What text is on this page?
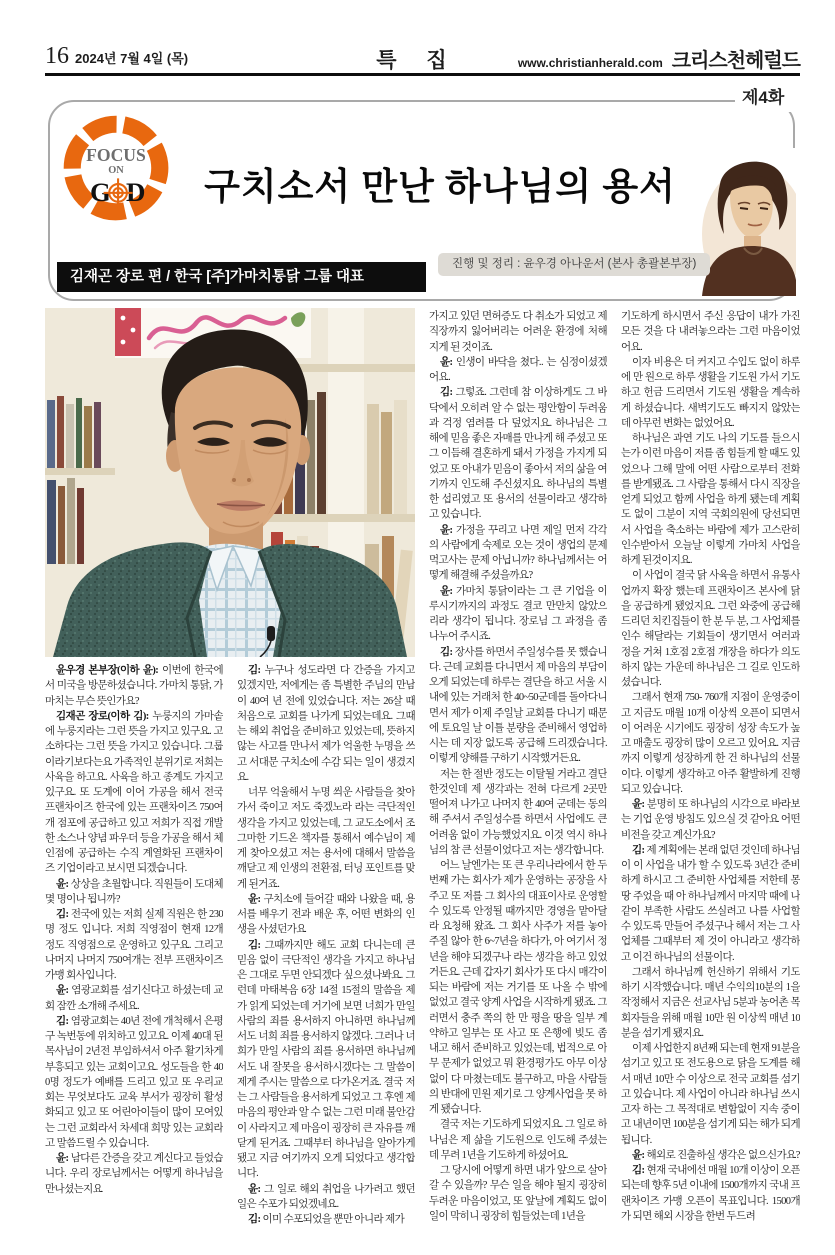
16 2024년 7월 4일 (목)	특 집	www.christianherald.com 크리스천헤럴드
제4화
FOCUS
ON
G D 구치소서 만난 하나님의 용서
진행 및 정리 : 윤우경 아나운서 (본사 총괄본부장)
김재곤 장로 편 / 한국 [주]가마치통닭 그룹 대표

윤우경 본부장(이하 윤): 이번에 한국에서 미국을 방문하셨습니다. 가마치 통닭, 가마치는 무슨 뜻인가요?

김재곤 장로(이하 김): 누룽지의 가마솥에 누룽지라는 그런 뜻을 가지고 있구요. 고소하다는 그런 뜻을 가지고 있습니다. 그룹이라기보다는요 가족적인 분위기로 저희는 사육을 하고요. 사육을 하고 종계도 가지고 있구요. 또 도계에 이어 가공을 해서 전국 프랜차이즈 한국에 있는 프랜차이즈 750여 개 점포에 공급하고 있고 저희가 직접 개발한 소스나 양념 파우더 등을 가공을 해서 체인점에 공급하는 수직 계열화된 프랜차이즈 기업이라고 보시면 되겠습니다.

윤: 상상을 초월합니다. 직원들이 도대체 몇 명이나 됩니까?

김: 전국에 있는 저희 실제 직원은 한 230명 정도 입니다. 저희 직영점이 현재 12개 정도 직영점으로 운영하고 있구요. 그리고 나머지 나머지 750여개는 전부 프랜차이즈 가맹 회사입니다.

윤: 염광교회를 섬기신다고 하셨는데 교회 잠깐 소개해 주세요.

김: 염광교회는 40년 전에 개척해서 은평구 녹번동에 위치하고 있고요. 이제 40대 된 목사님이 2년전 부임하셔서 아주 활기차게 부흥되고 있는 교회이고요. 성도들을 한 400명 정도가 예배를 드리고 있고 또 우리교회는 무엇보다도 교육 부서가 굉장히 활성화되고 있고 또 어린아이들이 많이 모여있는 그런 교회라서 차세대 희망 있는 교회라고 말씀드릴 수 있습니다.

윤: 남다른 간증을 갖고 계신다고 들었습니다. 우리 장로님께서는 어떻게 하나님을 만나셨는지요

김: 누구나 성도라면 다 간증을 가지고 있겠지만, 저에게는 좀 특별한 주님의 만남이 40여 년 전에 있었습니다. 저는 26살 때 처음으로 교회를 나가게 되었는데요. 그때는 해외 취업을 준비하고 있었는데, 뜻하지 않는 사고를 만나서 제가 억울한 누명을 쓰고 서대문 구치소에 수감 되는 일이 생겼지요.

너무 억울해서 누명 씌운 사람들을 찾아가서 죽이고 저도 죽겠노라 라는 극단적인 생각을 가지고 있었는데, 그 교도소에서 조그마한 기드온 책자를 통해서 예수님이 제게 찾아오셨고 저는 용서에 대해서 말씀을 깨닫고 제 인생의 전환점, 터닝 포인트를 맞게 된거죠.

윤: 구치소에 들어갈 때와 나왔을 때, 용서를 배우기 전과 배운 후, 어떤 변화의 인생을 사셨던가요

김: 그때까지만 해도 교회 다니는데 큰 믿음 없이 극단적인 생각을 가지고 하나님은 그대로 두면 안되겠다 싶으셨나봐요. 그런데 마태복음 6장 14절 15절의 말씀을 제가 읽게 되었는데 거기에 보면 너희가 만일 사람의 죄를 용서하지 아니하면 하나님께서도 너희 죄를 용서하지 않겠다. 그러나 너희가 만일 사람의 죄를 용서하면 하나님께서도 내 잘못을 용서하시겠다는 그 말씀이 제게 주시는 말씀으로 다가온거죠. 결국 저는 그 사람들을 용서하게 되었고 그 후엔 제 마음의 평안과 알 수 없는 그런 미래 불안감이 사라지고 제 마음이 굉장히 큰 자유를 깨닫게 된거죠. 그때부터 하나님을 알아가게 됐고 지금 여기까지 오게 되었다고 생각합니다.

윤: 그 일로 해외 취업을 나가려고 했던 일은 수포가 되었겠네요.

김: 이미 수포되었을 뿐만 아니라 제가

가지고 있던 면허증도 다 취소가 되었고 제 직장까지 잃어버리는 어려운 환경에 처해지게 된 것이죠.

윤: 인생이 바닥을 쳤다.. 는 심정이셨겠어요.

김: 그렇죠. 그런데 참 이상하게도 그 바닥에서 오히려 알 수 없는 평안함이 두려움과 걱정 염려를 다 덮었지요. 하나님은 그 해에 믿음 좋은 자매를 만나게 해 주셨고 또 그 이듬해 결혼하게 돼서 가정을 가지게 되었고 또 아내가 믿음이 좋아서 저의 삶을 여기까지 인도해 주신셨지요. 하나님의 특별한 섭리였고 또 용서의 선물이라고 생각하고 있습니다.

윤: 가정을 꾸리고 나면 제일 먼저 각각의 사람에게 숙제로 오는 것이 생업의 문제 먹고사는 문제 아닙니까? 하나님께서는 어떻게 해결해 주셨을까요?

윤: 가마치 통닭이라는 그 큰 기업을 이루시기까지의 과정도 결코 만만치 않았으리라 생각이 됩니다. 장로님 그 과정을 좀 나누어 주시죠.

김: 장사를 하면서 주일성수를 못 했습니다. 근데 교회를 다니면서 제 마음의 부담이 오게 되었는데 하루는 결단을 하고 서울 시내에 있는 거래처 한 40~50군데를 돌아다니면서 제가 이제 주일날 교회를 다니기 때문에 토요일 날 이틀 분량을 준비해서 영업하시는 데 지장 없도록 공급해 드리겠습니다. 이렇게 양해를 구하기 시작했거든요.

저는 한 절반 정도는 이탈될 거라고 결단한것인데 제 생각과는 전혀 다르게 2곳만 떨어져 나가고 나머지 한 40여 군데는 동의해 주셔서 주일성수를 하면서 사업에도 큰 어려움 없이 가능했었지요. 이것 역시 하나님의 참 큰 선물이었다고 저는 생각합니다.

어느 날엔가는 또 큰 우리나라에서 한 두번째 가는 회사가 제가 운영하는 공장을 사주고 또 저를 그 회사의 대표이사로 운영할 수 있도록 안정될 때까지만 경영을 맡아달라 요청해 왔죠. 그 회사 사주가 저를 놓아주질 않아 한 6~7년을 하다가, 아 여기서 정년을 해야 되겠구나 라는 생각을 하고 있었거든요. 근데 갑자기 회사가 또 다시 매각이 되는 바람에 저는 거기를 또 나올 수 밖에 없었고 결국 양계 사업을 시작하게 됐죠. 그러면서 충주 쪽의 한 만 평을 땅을 일부 계약하고 일부는 또 사고 또 은행에 빚도 좀 내고 해서 준비하고 있었는데, 법적으로 아무 문제가 없었고 뭐 환경평가도 아무 이상 없이 다 마쳤는데도 불구하고, 마을 사람들의 반대에 민원 제기로 그 양계사업을 못 하게 됐습니다.

결국 저는 기도하게 되었지요. 그 일로 하나님은 제 삶을 기도원으로 인도해 주셨는데 무려 1년을 기도하게 하셨어요.

그 당시에 어떻게 하면 내가 앞으로 살아갈 수 있을까? 무슨 일을 해야 될지 굉장히 두려운 마음이었고, 또 앞날에 계획도 없이 일이 막히니 굉장히 힘들었는데 1년을

기도하게 하시면서 주신 응답이 내가 가진 모든 것을 다 내려놓으라는 그런 마음이었어요.

이자 비용은 더 커지고 수입도 없이 하루에 만 원으로 하루 생활을 기도원 가서 기도하고 헌금 드리면서 기도원 생활을 계속하게 하셨습니다. 새벽기도도 빠지지 않았는데 아무런 변화는 없었어요.

하나님은 과연 기도 나의 기도를 들으시는가 이런 마음이 저를 좀 힘들게 할 때도 있었으나 그해 말에 어떤 사람으로부터 전화를 받게됐죠. 그 사람을 통해서 다시 직장을 얻게 되었고 함께 사업을 하게 됐는데 계획도 없이 그분이 지역 국회의원에 당선되면서 사업을 축소하는 바람에 제가 고스란히 인수받아서 오늘날 이렇게 가마치 사업을 하게 된것이지요.

이 사업이 결국 닭 사육을 하면서 유통사업까지 확장 했는데 프랜차이즈 본사에 닭을 공급하게 됐었지요. 그런 와중에 공급해드리던 치킨집들이 한 분 두 분, 그 사업체를 인수 해달라는 기회들이 생기면서 여러과정을 거쳐 1호점 2호점 개장을 하다가 의도하지 않는 가운데 하나님은 그 길로 인도하셨습니다.

그래서 현재 750- 760개 지점이 운영중이고 지금도 매월 10개 이상씩 오픈이 되면서 이 어려운 시기에도 굉장히 성장 속도가 높고 매출도 굉장히 많이 오르고 있어요. 지금까지 이렇게 성장하게 한 건 하나님의 선물이다. 이렇게 생각하고 아주 활발하게 진행되고 있습니다.

윤: 분명히 또 하나님의 시각으로 바라보는 기업 운영 방침도 있으실 것 같아요 어떤 비전을 갖고 계신가요?

김: 제 계획에는 본래 없던 것인데 하나님이 이 사업을 내가 할 수 있도록 3년간 준비하게 하시고 그 준비한 사업체를 저한테 몽땅 주었을 때 아 하나님께서 마지막 때에 나같이 부족한 사람도 쓰실려고 나를 사업할 수 있도록 만들어 주셨구나 해서 저는 그 사업체를 그때부터 제 것이 아니라고 생각하고 이건 하나님의 선물이다.

그래서 하나님께 헌신하기 위해서 기도하기 시작했습니다. 매년 수익의10분의 1을 작정해서 지금은 선교사님 5분과 농어촌 목회자들을 위해 매월 10만 원 이상씩 매년 10분을 섬기게 됐지요.

이제 사업한지 8년째 되는데 현재 91분을 섬기고 있고 또 전도용으로 닭을 도계를 해서 매년 10만 수 이상으로 전국 교회를 섬기고 있습니다. 제 사업이 아니라 하나님 쓰시고자 하는 그 목적대로 변함없이 지속 중이고 내년이면 100분을 섬기게 되는 해가 되게 됩니다.

윤: 해외로 진출하실 생각은 없으신가요?

김: 현재 국내에선 매월 10개 이상이 오픈되는데 향후 5년 이내에 1500개까지 국내 프랜차이즈 가맹 오픈이 목표입니다. 1500개가 되면 해외 시장을 한번 두드려
